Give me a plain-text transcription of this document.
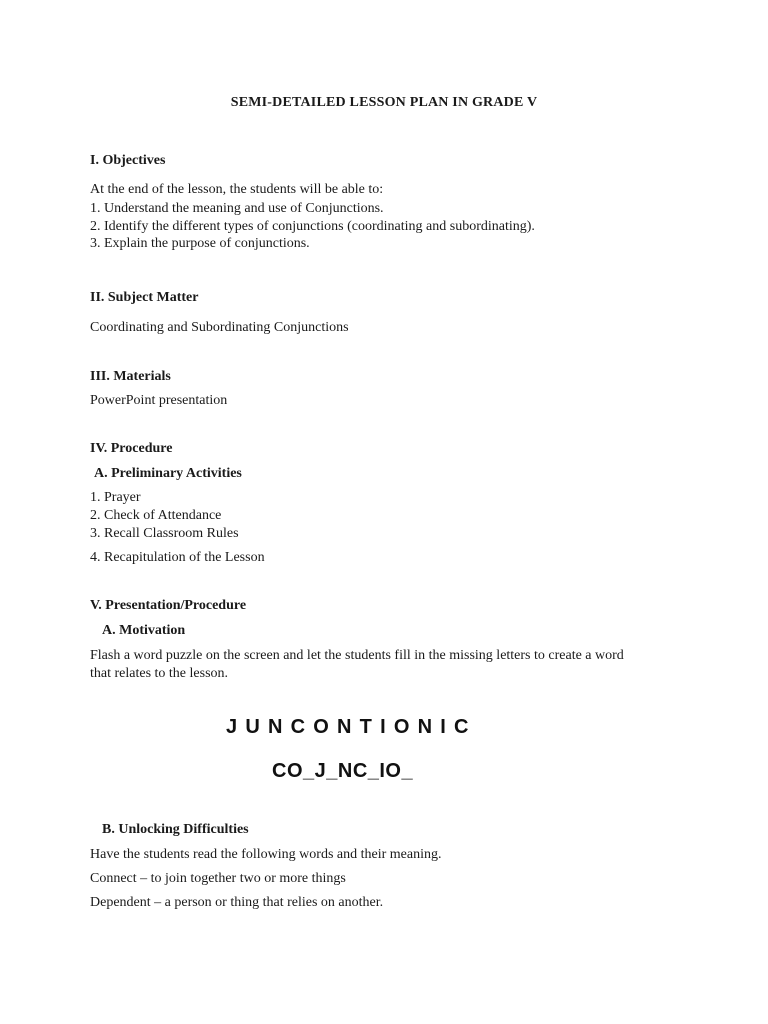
SEMI-DETAILED LESSON PLAN IN GRADE V
I. Objectives
At the end of the lesson, the students will be able to:
1. Understand the meaning and use of Conjunctions.
2. Identify the different types of conjunctions (coordinating and subordinating).
3. Explain the purpose of conjunctions.
II. Subject Matter
Coordinating and Subordinating Conjunctions
III. Materials
PowerPoint presentation
IV. Procedure
A. Preliminary Activities
1. Prayer
2. Check of Attendance
3. Recall Classroom Rules
4. Recapitulation of the Lesson
V. Presentation/Procedure
A. Motivation
Flash a word puzzle on the screen and let the students fill in the missing letters to create a word
that relates to the lesson.
JUNCONTIONIC
CO_J_NC_IO_
B. Unlocking Difficulties
Have the students read the following words and their meaning.
Connect – to join together two or more things
Dependent – a person or thing that relies on another.
